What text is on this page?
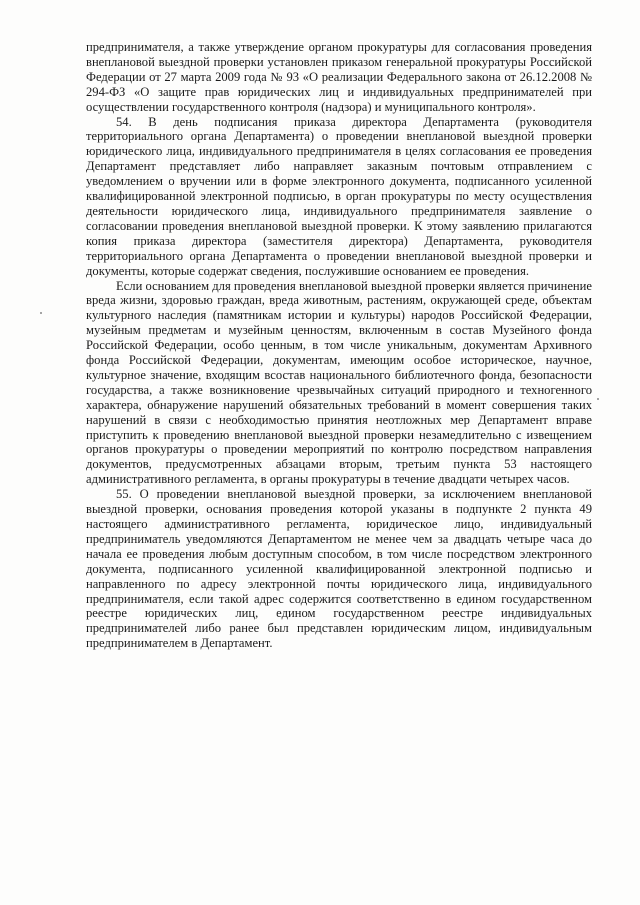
предпринимателя, а также утверждение органом прокуратуры для согласования проведения внеплановой выездной проверки установлен приказом генеральной прокуратуры Российской Федерации от 27 марта 2009 года № 93 «О реализации Федерального закона от 26.12.2008 № 294-ФЗ «О защите прав юридических лиц и индивидуальных предпринимателей при осуществлении государственного контроля (надзора) и муниципального контроля».

54. В день подписания приказа директора Департамента (руководителя территориального органа Департамента) о проведении внеплановой выездной проверки юридического лица, индивидуального предпринимателя в целях согласования ее проведения Департамент представляет либо направляет заказным почтовым отправлением с уведомлением о вручении или в форме электронного документа, подписанного усиленной квалифицированной электронной подписью, в орган прокуратуры по месту осуществления деятельности юридического лица, индивидуального предпринимателя заявление о согласовании проведения внеплановой выездной проверки. К этому заявлению прилагаются копия приказа директора (заместителя директора) Департамента, руководителя территориального органа Департамента о проведении внеплановой выездной проверки и документы, которые содержат сведения, послужившие основанием ее проведения.

Если основанием для проведения внеплановой выездной проверки является причинение вреда жизни, здоровью граждан, вреда животным, растениям, окружающей среде, объектам культурного наследия (памятникам истории и культуры) народов Российской Федерации, музейным предметам и музейным ценностям, включенным в состав Музейного фонда Российской Федерации, особо ценным, в том числе уникальным, документам Архивного фонда Российской Федерации, документам, имеющим особое историческое, научное, культурное значение, входящим всостав национального библиотечного фонда, безопасности государства, а также возникновение чрезвычайных ситуаций природного и техногенного характера, обнаружение нарушений обязательных требований в момент совершения таких нарушений в связи с необходимостью принятия неотложных мер Департамент вправе приступить к проведению внеплановой выездной проверки незамедлительно с извещением органов прокуратуры о проведении мероприятий по контролю посредством направления документов, предусмотренных абзацами вторым, третьим пункта 53 настоящего административного регламента, в органы прокуратуры в течение двадцати четырех часов.

55. О проведении внеплановой выездной проверки, за исключением внеплановой выездной проверки, основания проведения которой указаны в подпункте 2 пункта 49 настоящего административного регламента, юридическое лицо, индивидуальный предприниматель уведомляются Департаментом не менее чем за двадцать четыре часа до начала ее проведения любым доступным способом, в том числе посредством электронного документа, подписанного усиленной квалифицированной электронной подписью и направленного по адресу электронной почты юридического лица, индивидуального предпринимателя, если такой адрес содержится соответственно в едином государственном реестре юридических лиц, едином государственном реестре индивидуальных предпринимателей либо ранее был представлен юридическим лицом, индивидуальным предпринимателем в Департамент.
